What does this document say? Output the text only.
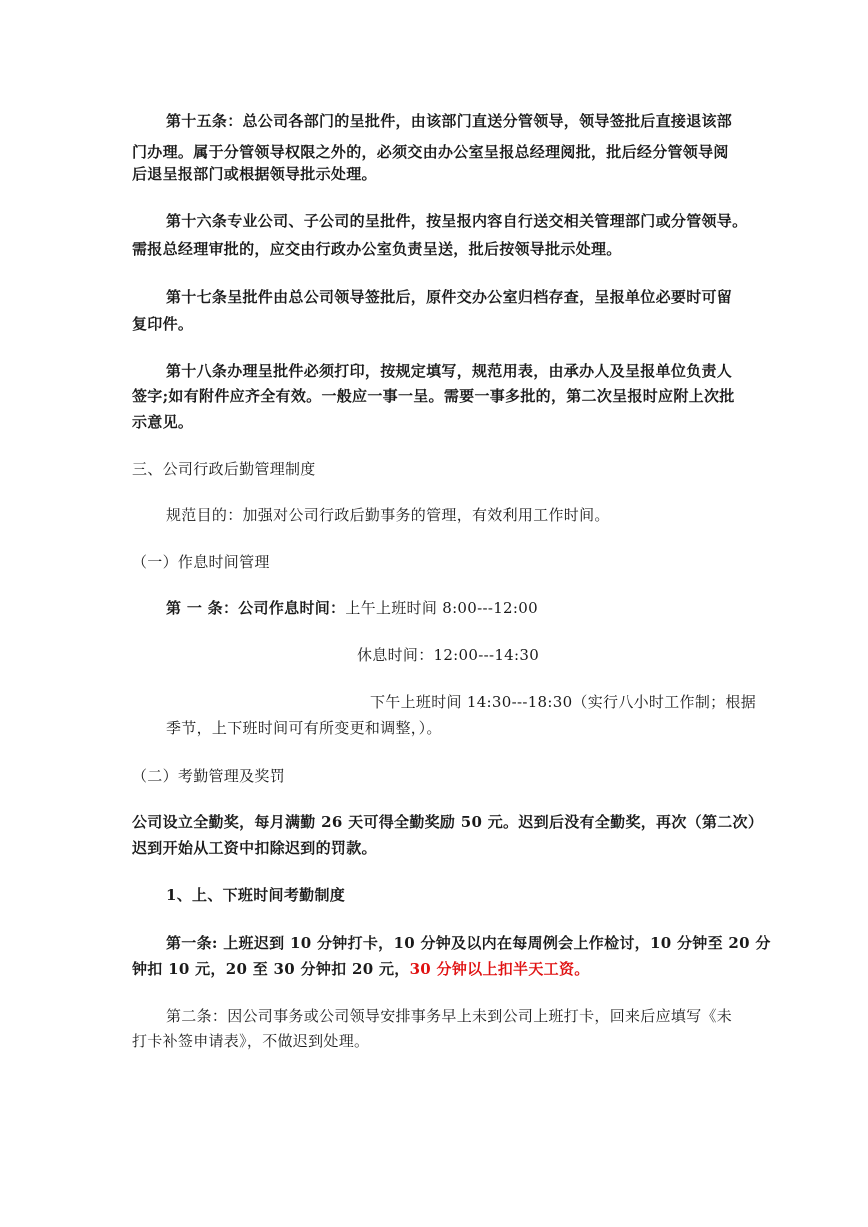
第十五条：总公司各部门的呈批件，由该部门直送分管领导，领导签批后直接退该部
门办理。属于分管领导权限之外的，必须交由办公室呈报总经理阅批，批后经分管领导阅
后退呈报部门或根据领导批示处理。
第十六条专业公司、子公司的呈批件，按呈报内容自行送交相关管理部门或分管领导。
需报总经理审批的，应交由行政办公室负责呈送，批后按领导批示处理。
第十七条呈批件由总公司领导签批后，原件交办公室归档存查，呈报单位必要时可留
复印件。
第十八条办理呈批件必须打印，按规定填写，规范用表，由承办人及呈报单位负责人
签字;如有附件应齐全有效。一般应一事一呈。需要一事多批的，第二次呈报时应附上次批
示意见。
三、公司行政后勤管理制度
规范目的：加强对公司行政后勤事务的管理，有效利用工作时间。
（一）作息时间管理
第 一 条：公司作息时间：上午上班时间 8:00---12:00
休息时间：12:00---14:30
下午上班时间 14:30---18:30（实行八小时工作制；根据
季节，上下班时间可有所变更和调整，）。
（二）考勤管理及奖罚
公司设立全勤奖，每月满勤 26 天可得全勤奖励 50 元。迟到后没有全勤奖，再次（第二次）
迟到开始从工资中扣除迟到的罚款。
1、上、下班时间考勤制度
第一条: 上班迟到 10 分钟打卡，10 分钟及以内在每周例会上作检讨，10 分钟至 20 分
钟扣 10 元，20 至 30 分钟扣 20 元，30 分钟以上扣半天工资。
第二条：因公司事务或公司领导安排事务早上未到公司上班打卡，回来后应填写《未
打卡补签申请表》，不做迟到处理。
